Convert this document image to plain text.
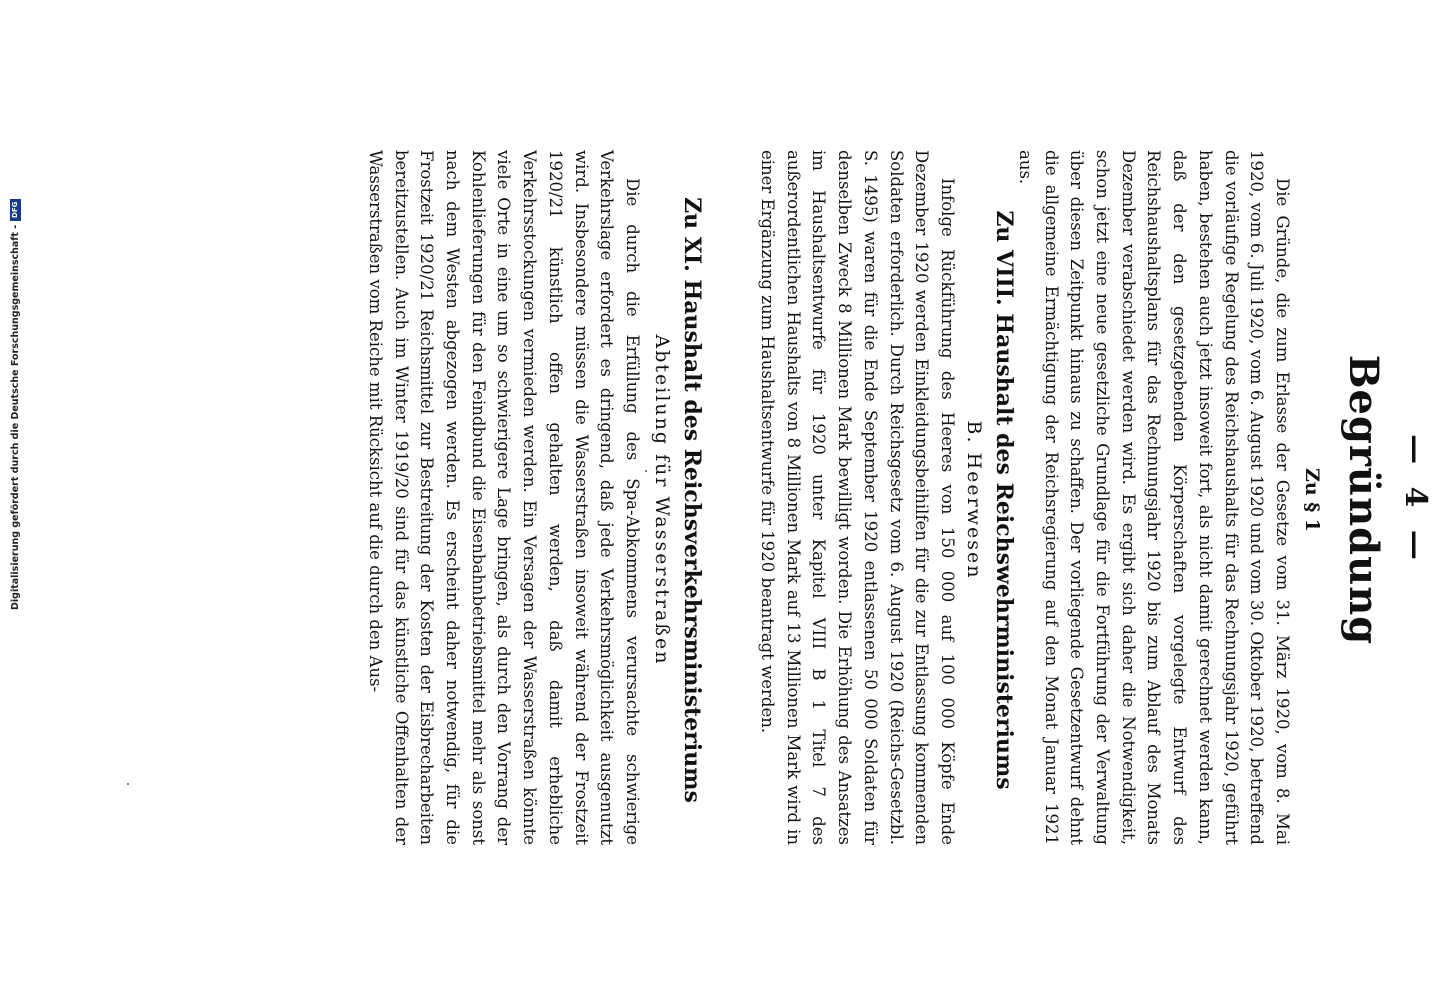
Digitalisierung gefördert durch die Deutsche Forschungsgemeinschaft -
DFG
— 4 —
Begründung
Zu § 1

Die Gründe, die zum Erlasse der Gesetze vom 31. März 1920, vom 8. Mai 1920, vom 6. Juli 1920, vom 6. August 1920 und vom 30. Oktober 1920, betreffend die vorläufige Regelung des Reichshaushalts für das Rechnungsjahr 1920, geführt haben, bestehen auch jetzt insoweit fort, als nicht damit gerechnet werden kann, daß der den gesetzgebenden Körperschaften vorgelegte Entwurf des Reichshaushaltsplans für das Rechnungsjahr 1920 bis zum Ablauf des Monats Dezember verabschiedet werden wird. Es ergibt sich daher die Notwendigkeit, schon jetzt eine neue gesetzliche Grundlage für die Fortführung der Verwaltung über diesen Zeitpunkt hinaus zu schaffen. Der vorliegende Gesetzentwurf dehnt die allgemeine Ermächtigung der Reichsregierung auf den Monat Januar 1921 aus.

Zu VIII. Haushalt des Reichswehrministeriums
B. Heerwesen

Infolge Rückführung des Heeres von 150 000 auf 100 000 Köpfe Ende Dezember 1920 werden Einkleidungsbeihilfen für die zur Entlassung kommenden Soldaten erforderlich. Durch Reichsgesetz vom 6. August 1920 (Reichs-Gesetzbl. S. 1495) waren für die Ende September 1920 entlassenen 50 000 Soldaten für denselben Zweck 8 Millionen Mark bewilligt worden. Die Erhöhung des Ansatzes im Haushaltsentwurfe für 1920 unter Kapitel VIII B 1 Titel 7 des außerordentlichen Haushalts von 8 Millionen Mark auf 13 Millionen Mark wird in einer Ergänzung zum Haushaltsentwurfe für 1920 beantragt werden.

Zu XI. Haushalt des Reichsverkehrsministeriums
Abteilung für Wasserstraßen

Die durch die Erfüllung des Spa-Abkommens verursachte schwierige Verkehrslage erfordert es dringend, daß jede Verkehrsmöglichkeit ausgenutzt wird. Insbesondere müssen die Wasserstraßen insoweit während der Frostzeit 1920/21 künstlich offen gehalten werden, daß damit erhebliche Verkehrsstockungen vermieden werden. Ein Versagen der Wasserstraßen könnte viele Orte in eine um so schwierigere Lage bringen, als durch den Vorrang der Kohlenlieferungen für den Feindbund die Eisenbahnbetriebsmittel mehr als sonst nach dem Westen abgezogen werden. Es erscheint daher notwendig, für die Frostzeit 1920/21 Reichsmittel zur Bestreitung der Kosten der Eisbrecharbeiten bereitzustellen. Auch im Winter 1919/20 sind für das künstliche Offenhalten der Wasserstraßen vom Reiche mit Rücksicht auf die durch den Aus-
